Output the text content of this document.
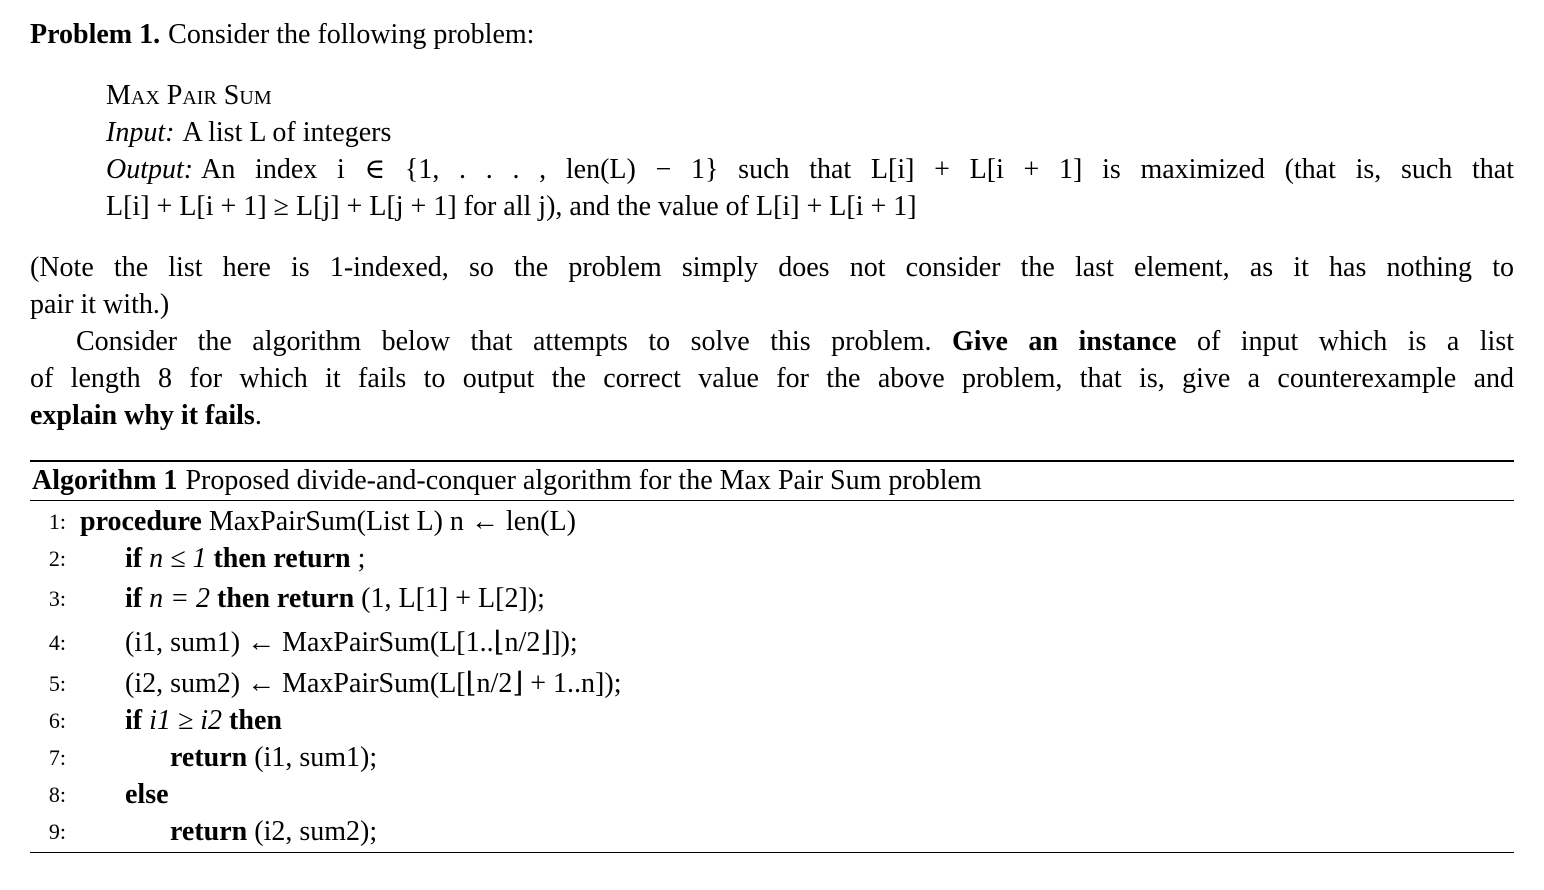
Problem 1. Consider the following problem:
Max Pair Sum
Input: A list L of integers
Output: An index i ∈ {1, . . . , len(L) − 1} such that L[i] + L[i + 1] is maximized (that is, such that
L[i] + L[i + 1] ≥ L[j] + L[j + 1] for all j), and the value of L[i] + L[i + 1]
(Note the list here is 1-indexed, so the problem simply does not consider the last element, as it has nothing to
pair it with.)
Consider the algorithm below that attempts to solve this problem. Give an instance of input which is a list
of length 8 for which it fails to output the correct value for the above problem, that is, give a counterexample and
explain why it fails.
Algorithm 1 Proposed divide-and-conquer algorithm for the Max Pair Sum problem
1: procedure MaxPairSum(List L) n ← len(L)
2: if n ≤ 1 then return ;
3: if n = 2 then return (1, L[1] + L[2]);
4: (i1, sum1) ← MaxPairSum(L[1..⌊n/2⌋]);
5: (i2, sum2) ← MaxPairSum(L[⌊n/2⌋ + 1..n]);
6: if i1 ≥ i2 then
7:	return (i1, sum1);
8: else
9:	return (i2, sum2);
